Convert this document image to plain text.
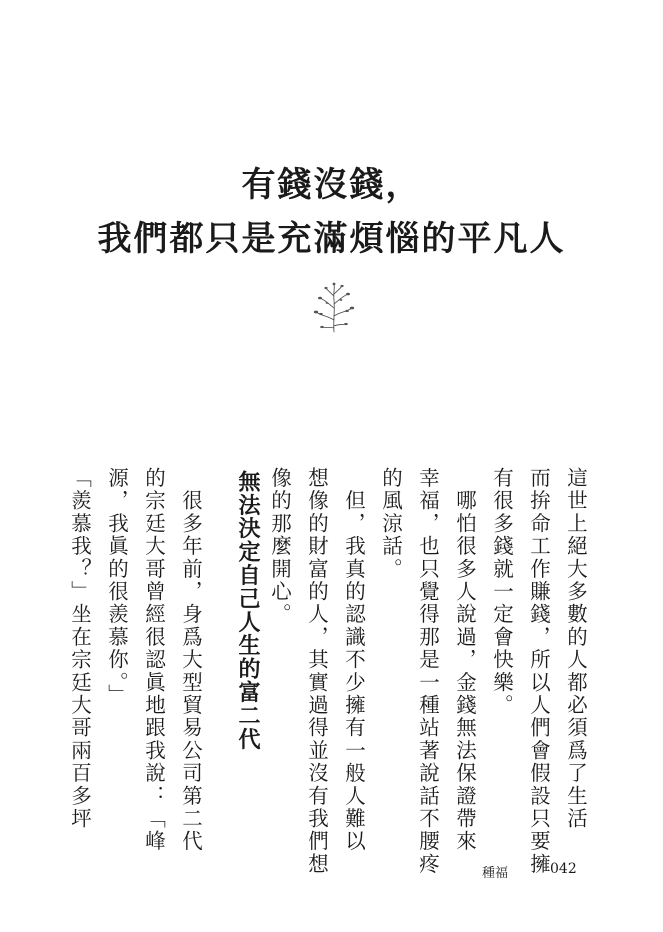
有錢沒錢，
我們都只是充滿煩惱的平凡人
這世上絕大多數的人都必須爲了生活
而拚命工作賺錢，所以人們會假設只要擁
有很多錢就一定會快樂。
　哪怕很多人說過，金錢無法保證帶來
幸福，也只覺得那是一種站著說話不腰疼
的風涼話。
　但，我真的認識不少擁有一般人難以
想像的財富的人，其實過得並沒有我們想
像的那麼開心。
無法決定自己人生的富二代
　很多年前，身爲大型貿易公司第二代
的宗廷大哥曾經很認眞地跟我說：「峰
源，我眞的很羨慕你。」
「羨慕我？」坐在宗廷大哥兩百多坪
種福	042
